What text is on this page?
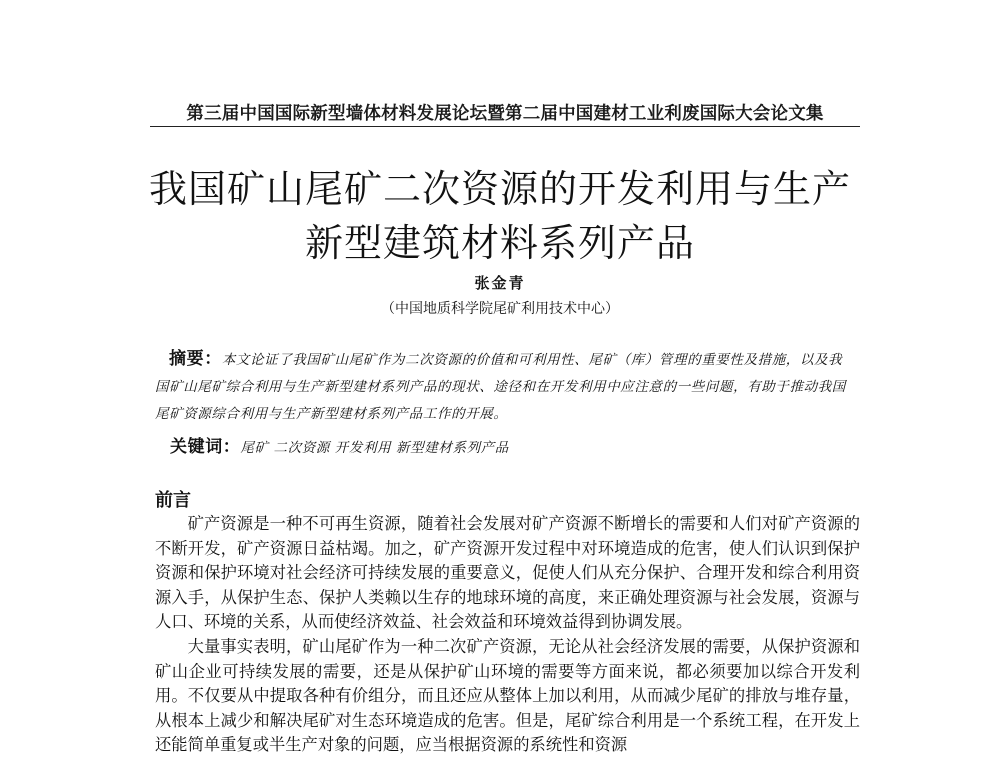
第三届中国国际新型墙体材料发展论坛暨第二届中国建材工业利废国际大会论文集
我国矿山尾矿二次资源的开发利用与生产
新型建筑材料系列产品
张金青
（中国地质科学院尾矿利用技术中心）
摘要：本文论证了我国矿山尾矿作为二次资源的价值和可利用性、尾矿（库）管理的重要性及措施，以及我国矿山尾矿综合利用与生产新型建材系列产品的现状、途径和在开发利用中应注意的一些问题，有助于推动我国尾矿资源综合利用与生产新型建材系列产品工作的开展。
关键词：尾矿 二次资源 开发利用 新型建材系列产品
前言

矿产资源是一种不可再生资源，随着社会发展对矿产资源不断增长的需要和人们对矿产资源的不断开发，矿产资源日益枯竭。加之，矿产资源开发过程中对环境造成的危害，使人们认识到保护资源和保护环境对社会经济可持续发展的重要意义，促使人们从充分保护、合理开发和综合利用资源入手，从保护生态、保护人类赖以生存的地球环境的高度，来正确处理资源与社会发展，资源与人口、环境的关系，从而使经济效益、社会效益和环境效益得到协调发展。

大量事实表明，矿山尾矿作为一种二次矿产资源，无论从社会经济发展的需要，从保护资源和矿山企业可持续发展的需要，还是从保护矿山环境的需要等方面来说，都必须要加以综合开发利用。不仅要从中提取各种有价组分，而且还应从整体上加以利用，从而减少尾矿的排放与堆存量，从根本上减少和解决尾矿对生态环境造成的危害。但是，尾矿综合利用是一个系统工程，在开发上还能简单重复或半生产对象的问题，应当根据资源的系统性和资源
